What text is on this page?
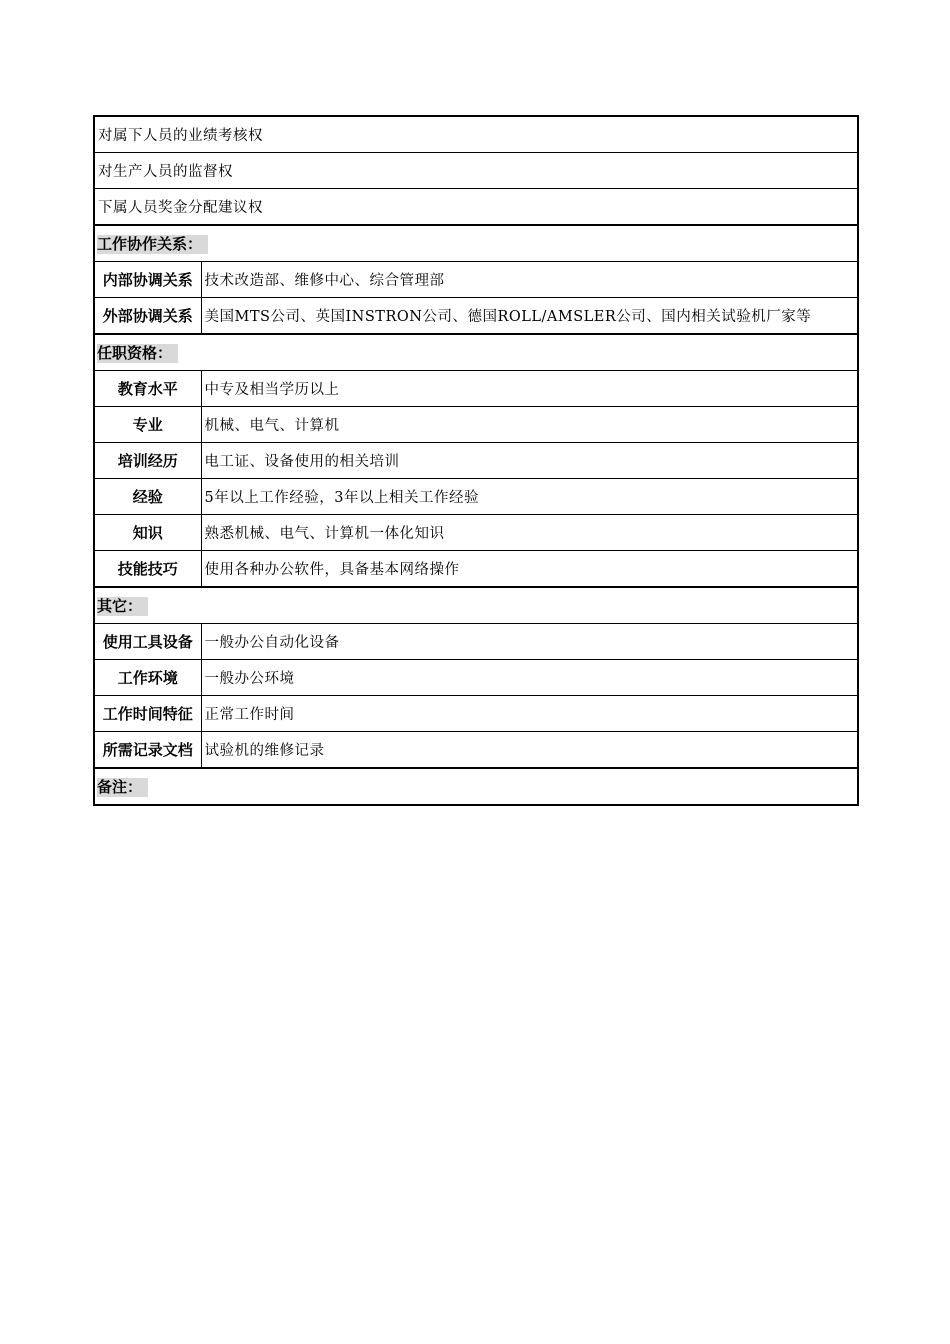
对属下人员的业绩考核权	
对生产人员的监督权	
下属人员奖金分配建议权	
工作协作关系：	
内部协调关系	技术改造部、维修中心、综合管理部
外部协调关系	美国MTS公司、英国INSTRON公司、德国ROLL/AMSLER公司、国内相关试验机厂家等
任职资格：	
教育水平	中专及相当学历以上
专业	机械、电气、计算机
培训经历	电工证、设备使用的相关培训
经验	5年以上工作经验，3年以上相关工作经验
知识	熟悉机械、电气、计算机一体化知识
技能技巧	使用各种办公软件，具备基本网络操作
其它：	
使用工具设备	一般办公自动化设备
工作环境	一般办公环境
工作时间特征	正常工作时间
所需记录文档	试验机的维修记录
备注：	
